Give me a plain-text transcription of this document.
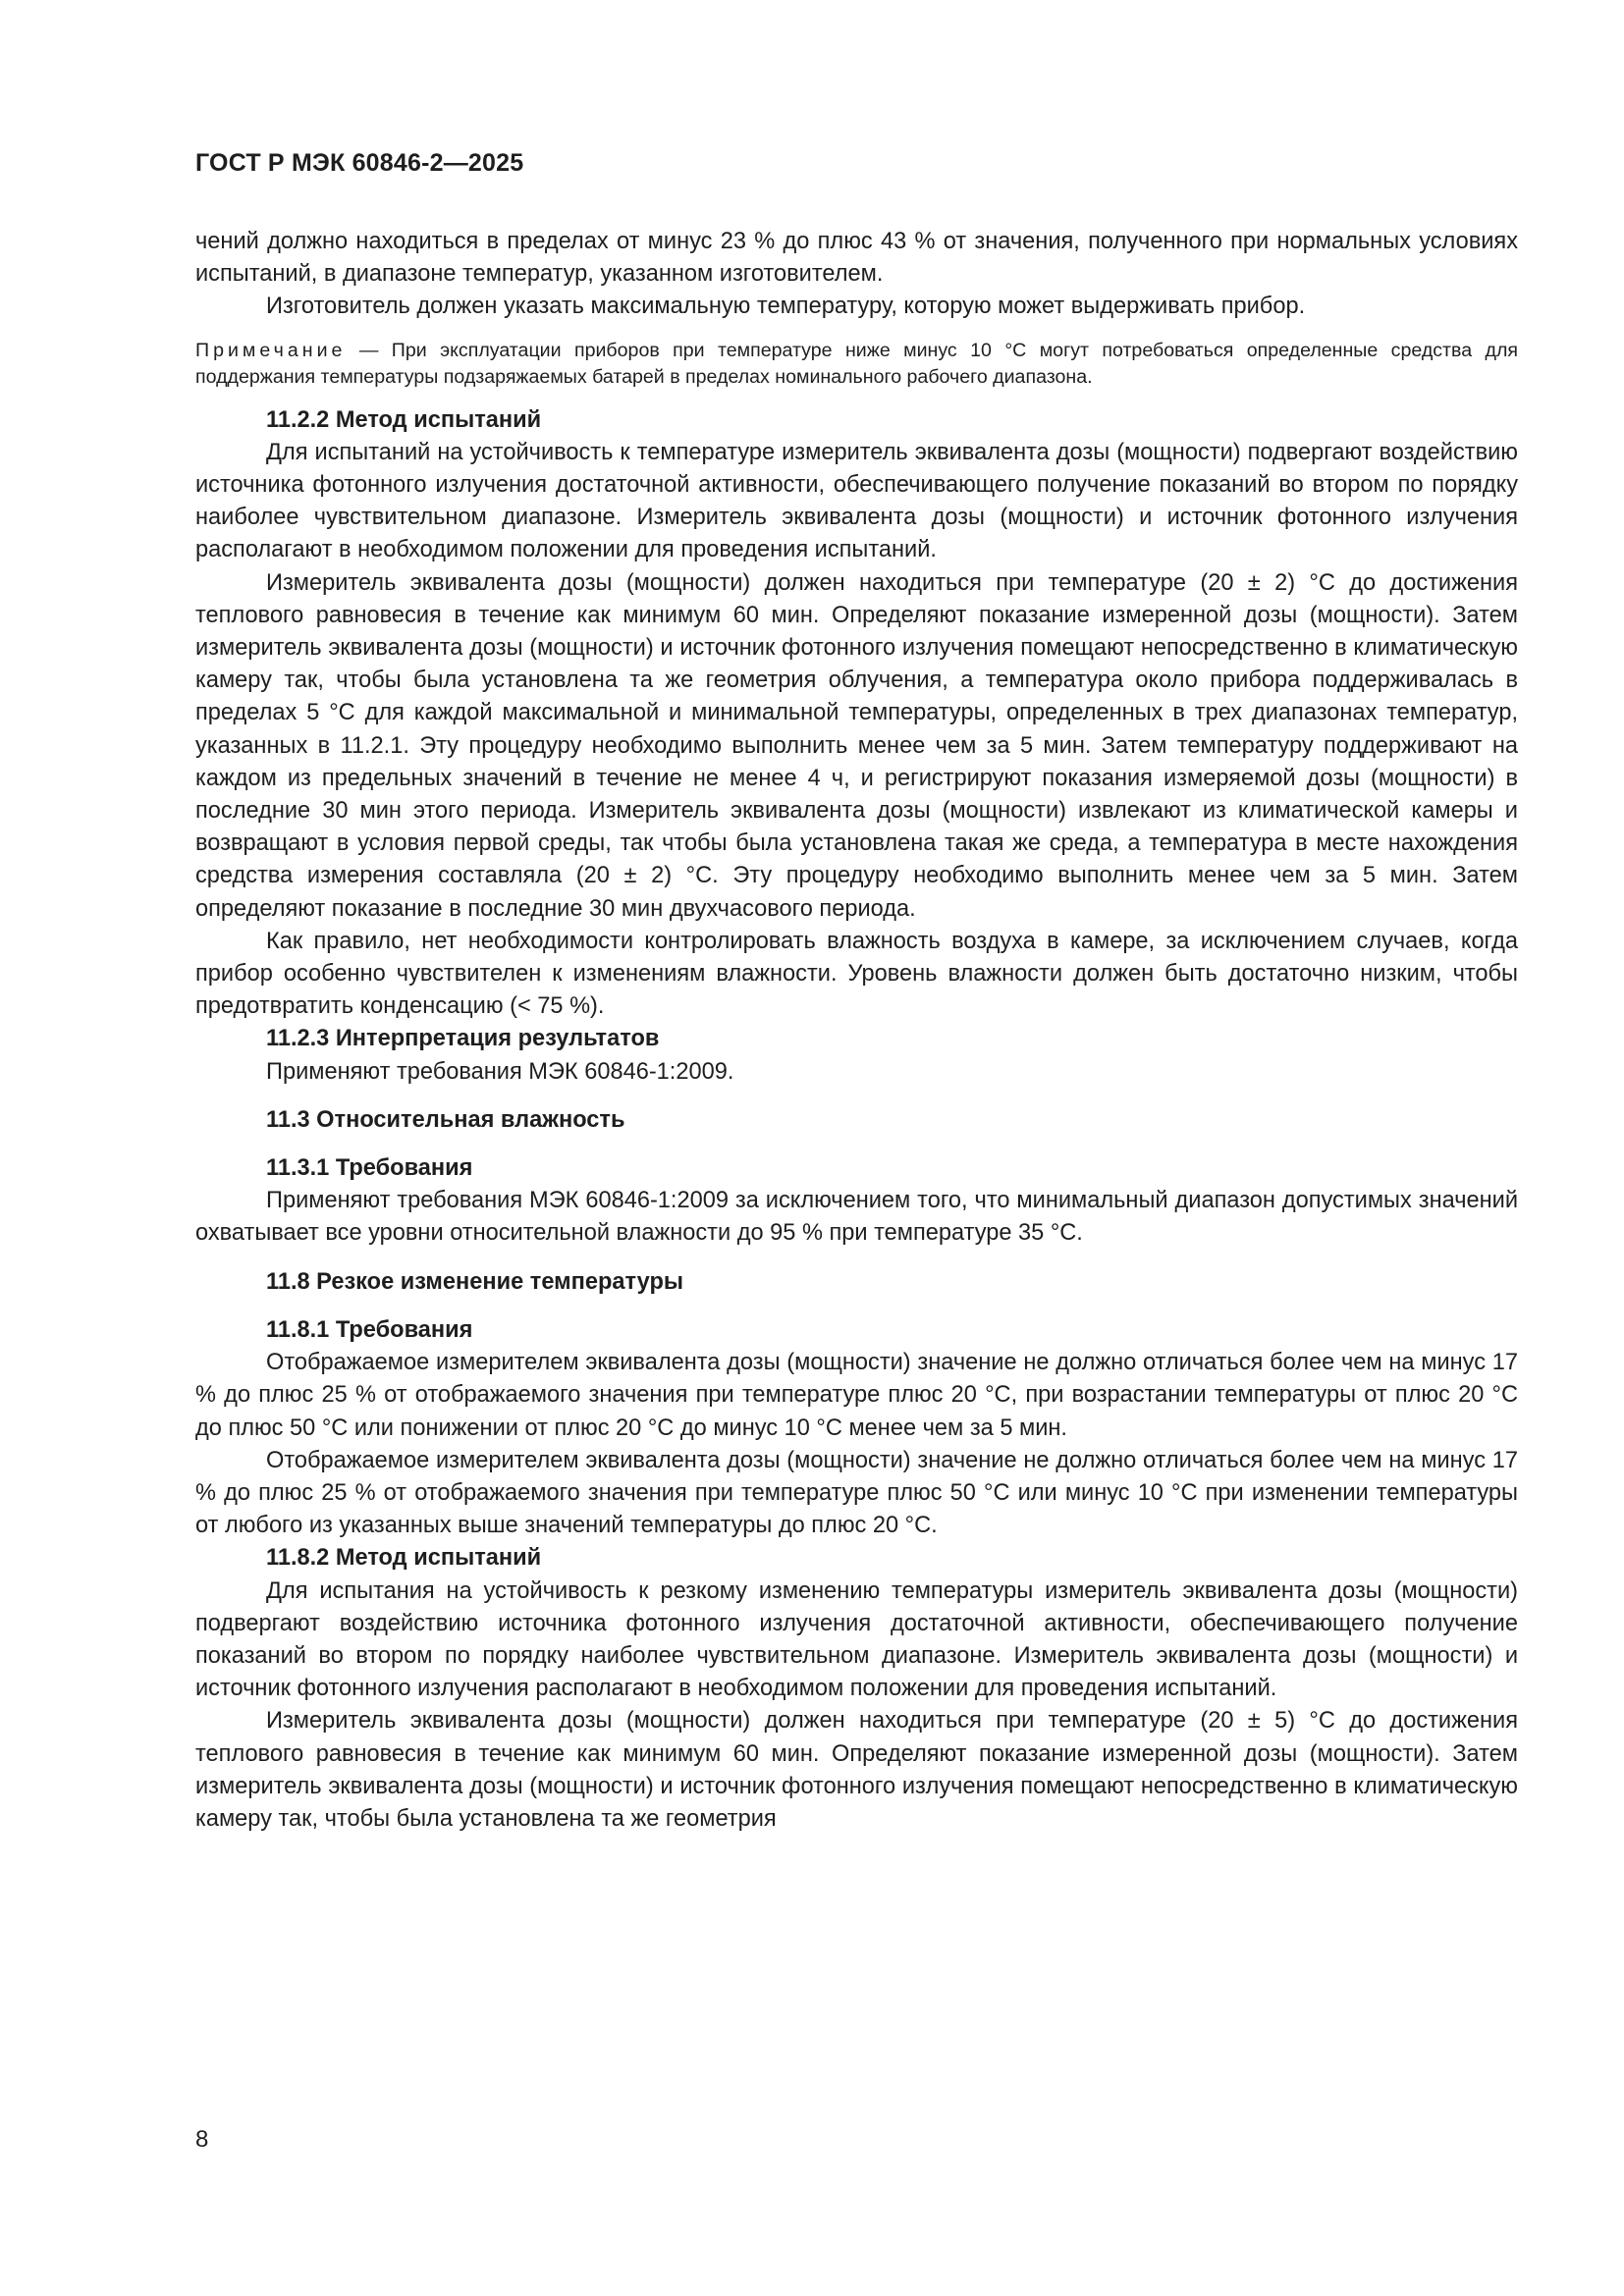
ГОСТ Р МЭК 60846-2—2025

чений должно находиться в пределах от минус 23 % до плюс 43 % от значения, полученного при нормальных условиях испытаний, в диапазоне температур, указанном изготовителем.

Изготовитель должен указать максимальную температуру, которую может выдерживать прибор.

Примечание — При эксплуатации приборов при температуре ниже минус 10 °С могут потребоваться определенные средства для поддержания температуры подзаряжаемых батарей в пределах номинального рабочего диапазона.

11.2.2 Метод испытаний

Для испытаний на устойчивость к температуре измеритель эквивалента дозы (мощности) подвергают воздействию источника фотонного излучения достаточной активности, обеспечивающего получение показаний во втором по порядку наиболее чувствительном диапазоне. Измеритель эквивалента дозы (мощности) и источник фотонного излучения располагают в необходимом положении для проведения испытаний.

Измеритель эквивалента дозы (мощности) должен находиться при температуре (20 ± 2) °С до достижения теплового равновесия в течение как минимум 60 мин. Определяют показание измеренной дозы (мощности). Затем измеритель эквивалента дозы (мощности) и источник фотонного излучения помещают непосредственно в климатическую камеру так, чтобы была установлена та же геометрия облучения, а температура около прибора поддерживалась в пределах 5 °С для каждой максимальной и минимальной температуры, определенных в трех диапазонах температур, указанных в 11.2.1. Эту процедуру необходимо выполнить менее чем за 5 мин. Затем температуру поддерживают на каждом из предельных значений в течение не менее 4 ч, и регистрируют показания измеряемой дозы (мощности) в последние 30 мин этого периода. Измеритель эквивалента дозы (мощности) извлекают из климатической камеры и возвращают в условия первой среды, так чтобы была установлена такая же среда, а температура в месте нахождения средства измерения составляла (20 ± 2) °С. Эту процедуру необходимо выполнить менее чем за 5 мин. Затем определяют показание в последние 30 мин двухчасового периода.

Как правило, нет необходимости контролировать влажность воздуха в камере, за исключением случаев, когда прибор особенно чувствителен к изменениям влажности. Уровень влажности должен быть достаточно низким, чтобы предотвратить конденсацию (< 75 %).

11.2.3 Интерпретация результатов

Применяют требования МЭК 60846-1:2009.

11.3 Относительная влажность

11.3.1 Требования

Применяют требования МЭК 60846-1:2009 за исключением того, что минимальный диапазон допустимых значений охватывает все уровни относительной влажности до 95 % при температуре 35 °С.

11.8 Резкое изменение температуры

11.8.1 Требования

Отображаемое измерителем эквивалента дозы (мощности) значение не должно отличаться более чем на минус 17 % до плюс 25 % от отображаемого значения при температуре плюс 20 °С, при возрастании температуры от плюс 20 °С до плюс 50 °С или понижении от плюс 20 °С до минус 10 °С менее чем за 5 мин.

Отображаемое измерителем эквивалента дозы (мощности) значение не должно отличаться более чем на минус 17 % до плюс 25 % от отображаемого значения при температуре плюс 50 °С или минус 10 °С при изменении температуры от любого из указанных выше значений температуры до плюс 20 °С.

11.8.2 Метод испытаний

Для испытания на устойчивость к резкому изменению температуры измеритель эквивалента дозы (мощности) подвергают воздействию источника фотонного излучения достаточной активности, обеспечивающего получение показаний во втором по порядку наиболее чувствительном диапазоне. Измеритель эквивалента дозы (мощности) и источник фотонного излучения располагают в необходимом положении для проведения испытаний.

Измеритель эквивалента дозы (мощности) должен находиться при температуре (20 ± 5) °С до достижения теплового равновесия в течение как минимум 60 мин. Определяют показание измеренной дозы (мощности). Затем измеритель эквивалента дозы (мощности) и источник фотонного излучения помещают непосредственно в климатическую камеру так, чтобы была установлена та же геометрия

8
